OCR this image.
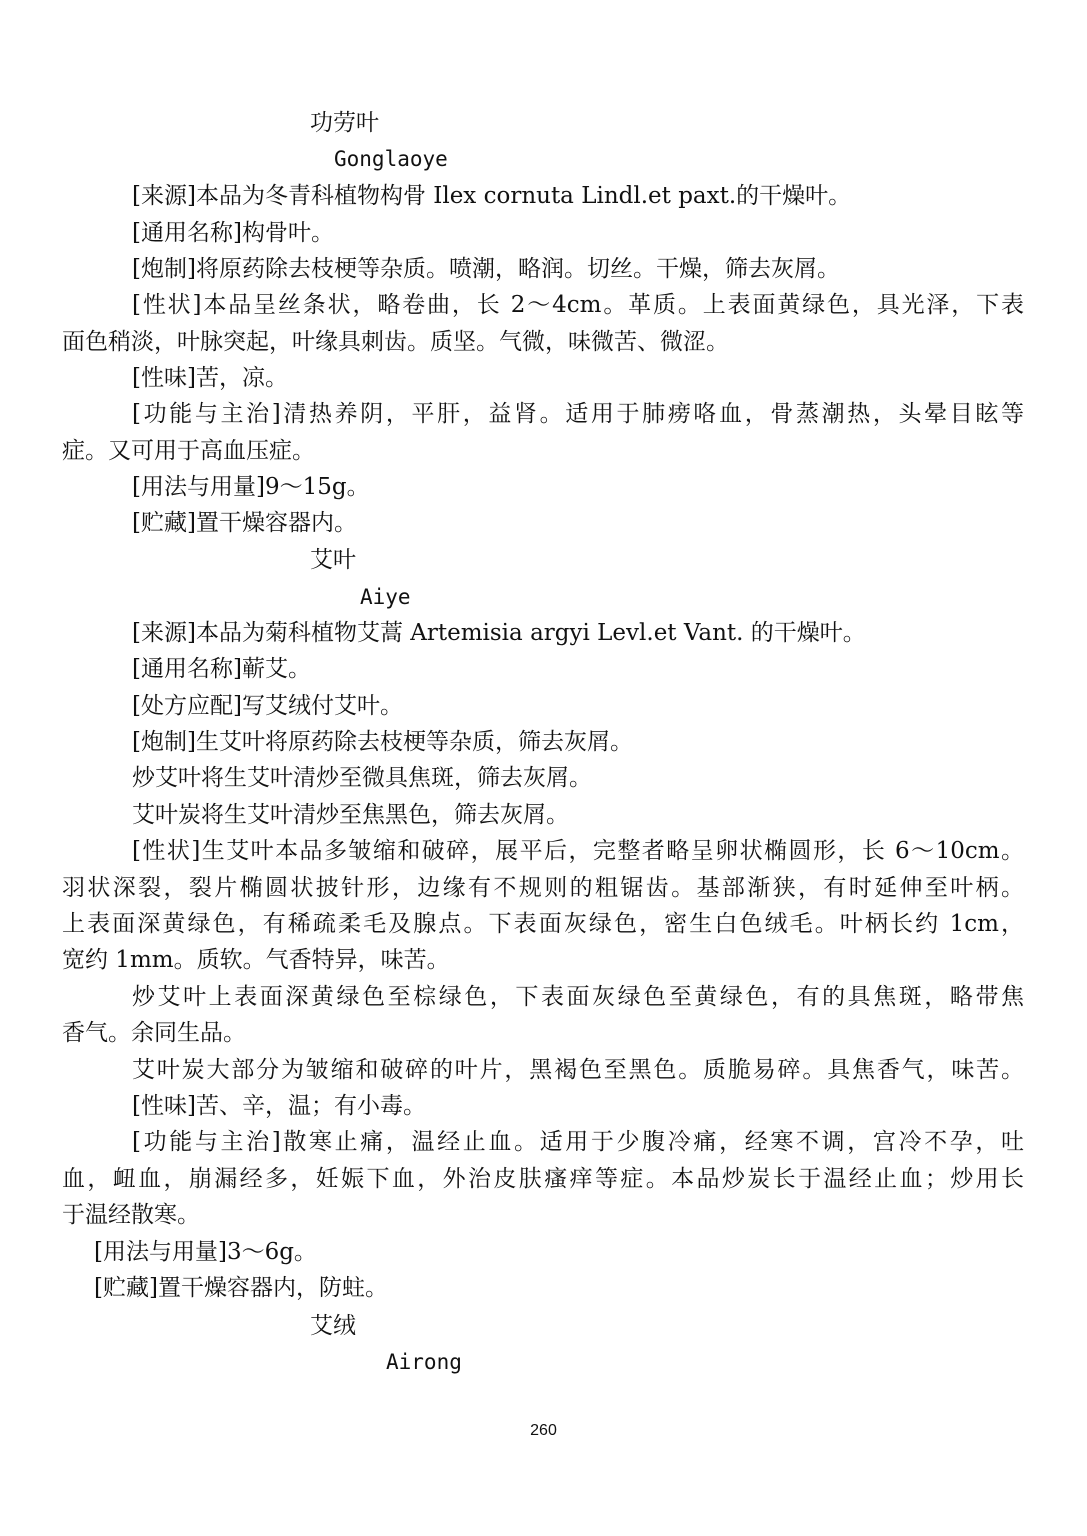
功劳叶
Gonglaoye
[来源]本品为冬青科植物构骨 Ilex cornuta Lindl.et paxt.的干燥叶。
[通用名称]构骨叶。
[炮制]将原药除去枝梗等杂质。喷潮，略润。切丝。干燥，筛去灰屑。
[性状]本品呈丝条状，略卷曲，长 2～4cm。革质。上表面黄绿色，具光泽，下表
面色稍淡，叶脉突起，叶缘具刺齿。质坚。气微，味微苦、微涩。
[性味]苦，凉。
[功能与主治]清热养阴，平肝，益肾。适用于肺痨咯血，骨蒸潮热，头晕目眩等
症。又可用于高血压症。
[用法与用量]9～15g。
[贮藏]置干燥容器内。
艾叶
Aiye
[来源]本品为菊科植物艾蒿 Artemisia argyi Levl.et Vant. 的干燥叶。
[通用名称]蕲艾。
[处方应配]写艾绒付艾叶。
[炮制]生艾叶将原药除去枝梗等杂质，筛去灰屑。
炒艾叶将生艾叶清炒至微具焦斑，筛去灰屑。
艾叶炭将生艾叶清炒至焦黑色，筛去灰屑。
[性状]生艾叶本品多皱缩和破碎，展平后，完整者略呈卵状椭圆形，长 6～10cm。
羽状深裂，裂片椭圆状披针形，边缘有不规则的粗锯齿。基部渐狭，有时延伸至叶柄。
上表面深黄绿色，有稀疏柔毛及腺点。下表面灰绿色，密生白色绒毛。叶柄长约 1cm，
宽约 1mm。质软。气香特异，味苦。
炒艾叶上表面深黄绿色至棕绿色，下表面灰绿色至黄绿色，有的具焦斑，略带焦
香气。余同生品。
艾叶炭大部分为皱缩和破碎的叶片，黑褐色至黑色。质脆易碎。具焦香气，味苦。
[性味]苦、辛，温；有小毒。
[功能与主治]散寒止痛，温经止血。适用于少腹冷痛，经寒不调，宫冷不孕，吐
血，衄血，崩漏经多，妊娠下血，外治皮肤瘙痒等症。本品炒炭长于温经止血；炒用长
于温经散寒。
[用法与用量]3～6g。
[贮藏]置干燥容器内，防蛀。
艾绒
Airong
260
